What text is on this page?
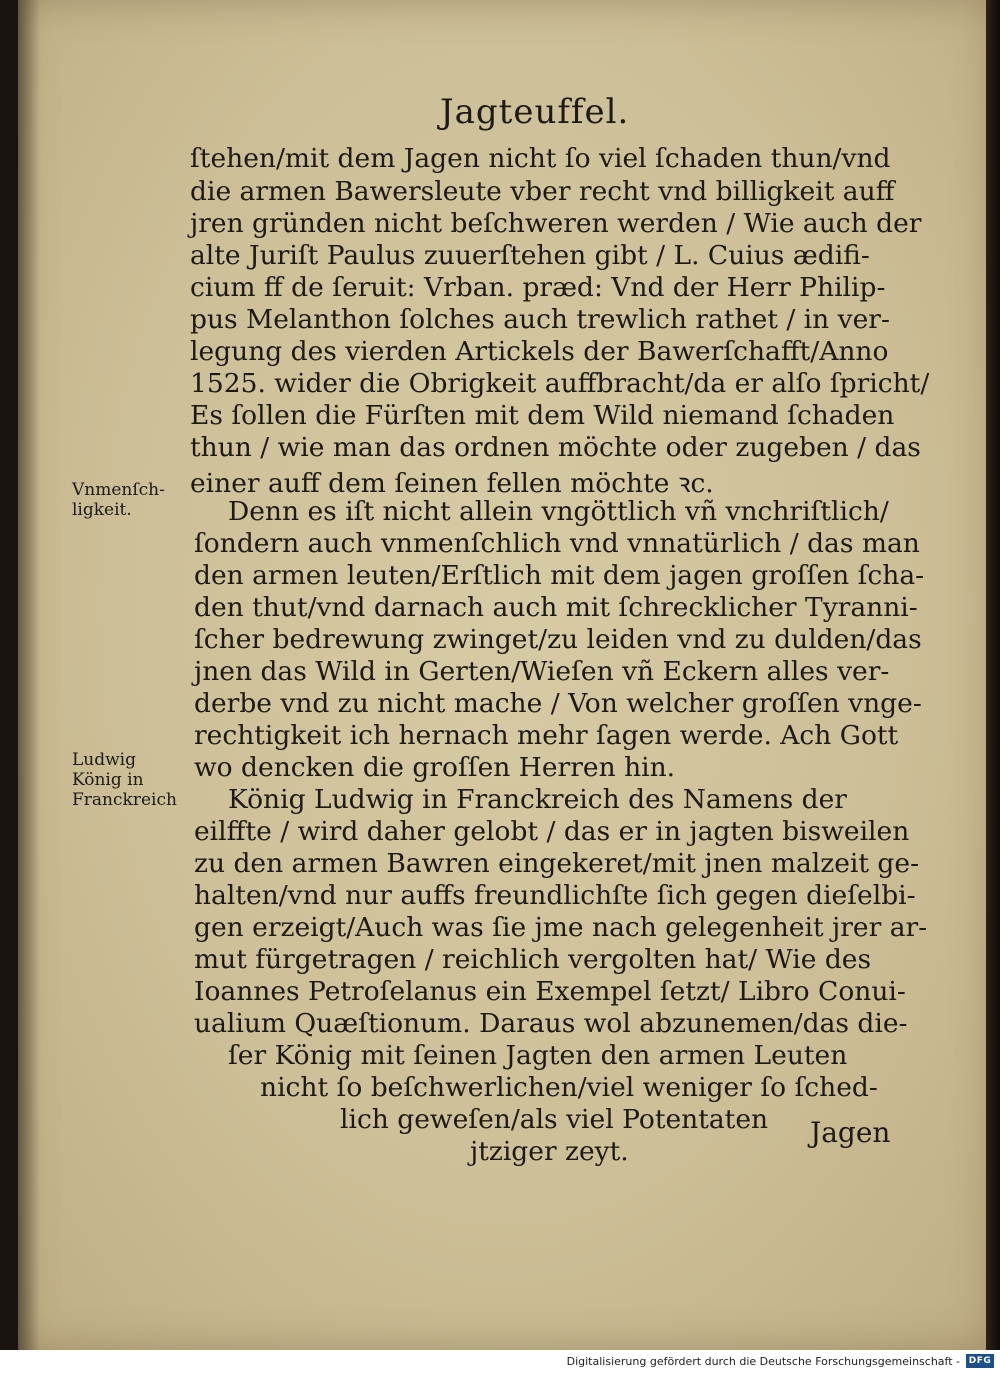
Jagteuffel.
ſtehen/mit dem Jagen nicht ſo viel ſchaden thun/vnd
die armen Bawersleute vber recht vnd billigkeit auff
jren gründen nicht beſchweren werden / Wie auch der
alte Juriſt Paulus zuuerſtehen gibt / L. Cuius ædifi-
cium ff de ſeruit: Vrban. præd: Vnd der Herr Philip-
pus Melanthon ſolches auch trewlich rathet / in ver-
legung des vierden Artickels der Bawerſchafft/Anno
1525. wider die Obrigkeit auffbracht/da er alſo ſpricht/
Es ſollen die Fürſten mit dem Wild niemand ſchaden
thun / wie man das ordnen möchte oder zugeben / das
einer auff dem ſeinen fellen möchte ꝛc.
Denn es iſt nicht allein vngöttlich vñ vnchriſtlich/
ſondern auch vnmenſchlich vnd vnnatürlich / das man
den armen leuten/Erſtlich mit dem jagen groſſen ſcha-
den thut/vnd darnach auch mit ſchrecklicher Tyranni-
ſcher bedrewung zwinget/zu leiden vnd zu dulden/das
jnen das Wild in Gerten/Wieſen vñ Eckern alles ver-
derbe vnd zu nicht mache / Von welcher groſſen vnge-
rechtigkeit ich hernach mehr ſagen werde. Ach Gott
wo dencken die groſſen Herren hin.
König Ludwig in Franckreich des Namens der
eilffte / wird daher gelobt / das er in jagten bisweilen
zu den armen Bawren eingekeret/mit jnen malzeit ge-
halten/vnd nur auffs freundlichſte ſich gegen dieſelbi-
gen erzeigt/Auch was ſie jme nach gelegenheit jrer ar-
mut fürgetragen / reichlich vergolten hat/ Wie des
Ioannes Petroſelanus ein Exempel ſetzt/ Libro Conui-
ualium Quæſtionum. Daraus wol abzunemen/das die-
ſer König mit ſeinen Jagten den armen Leuten
nicht ſo beſchwerlichen/viel weniger ſo ſched-
lich geweſen/als viel Potentaten
jtziger zeyt.
Vnmenſch-
ligkeit.
Ludwig
König in
Franckreich
Jagen
Digitalisierung gefördert durch die Deutsche Forschungsgemeinschaft - DFG
